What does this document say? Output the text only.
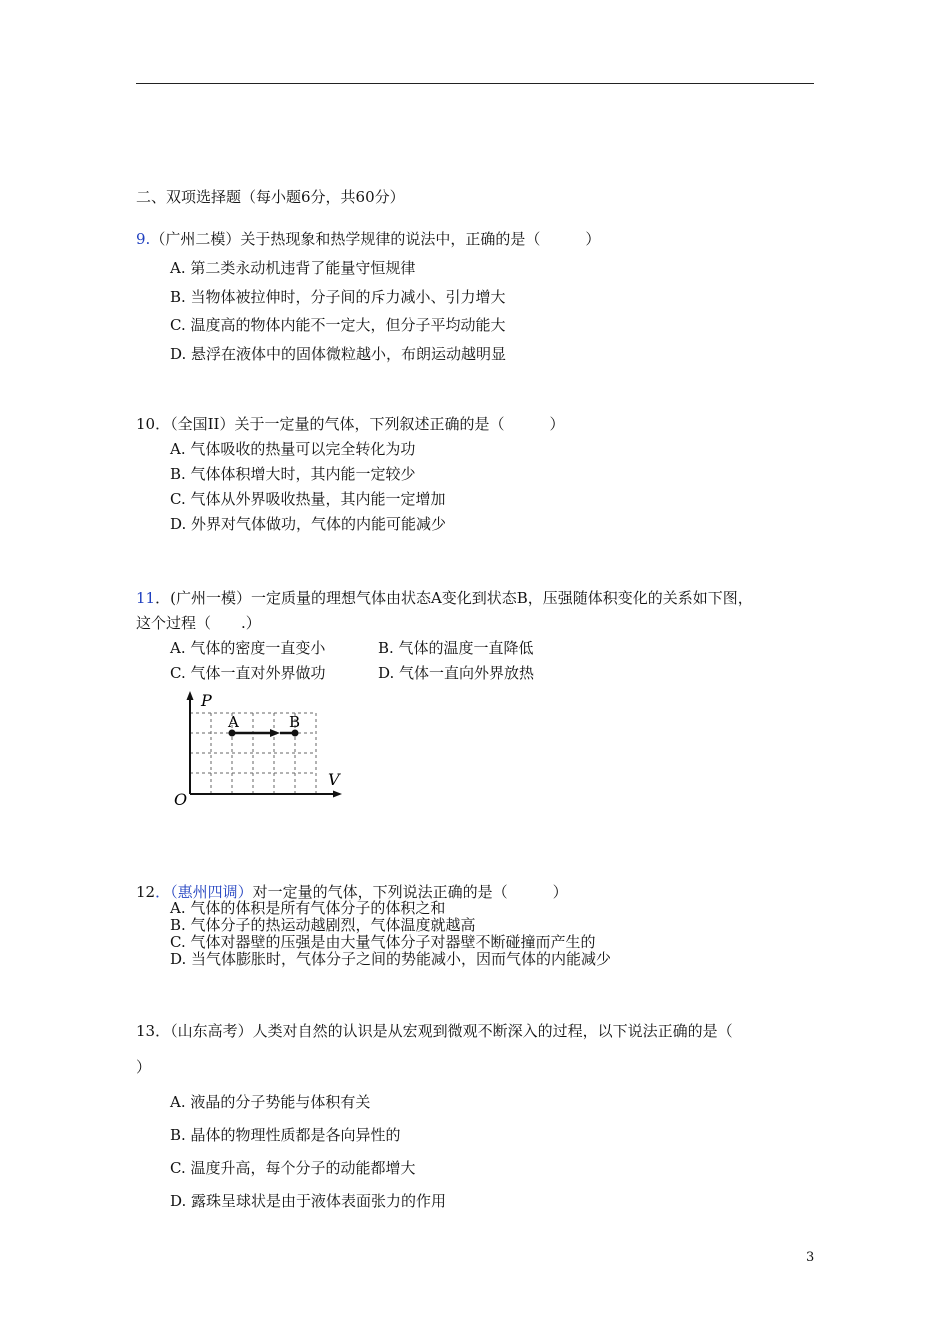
二、双项选择题（每小题6分，共60分）
9.（广州二模）关于热现象和热学规律的说法中，正确的是（　　　）
A. 第二类永动机违背了能量守恒规律
B. 当物体被拉伸时，分子间的斥力减小、引力增大
C. 温度高的物体内能不一定大，但分子平均动能大
D. 悬浮在液体中的固体微粒越小，布朗运动越明显
10．（全国II）关于一定量的气体，下列叙述正确的是（　　　）
A. 气体吸收的热量可以完全转化为功
B. 气体体积增大时，其内能一定较少
C. 气体从外界吸收热量，其内能一定增加
D. 外界对气体做功，气体的内能可能减少
11．(广州一模）一定质量的理想气体由状态A变化到状态B，压强随体积变化的关系如下图，
这个过程（　　.）
A. 气体的密度一直变小	B. 气体的温度一直降低
C. 气体一直对外界做功	D. 气体一直向外界放热
A	B
P
V
O
12．（惠州四调）对一定量的气体，下列说法正确的是（　　　）
A. 气体的体积是所有气体分子的体积之和
B. 气体分子的热运动越剧烈，气体温度就越高
C. 气体对器壁的压强是由大量气体分子对器壁不断碰撞而产生的
D. 当气体膨胀时，气体分子之间的势能减小，因而气体的内能减少
13．（山东高考）人类对自然的认识是从宏观到微观不断深入的过程，以下说法正确的是（
）
A. 液晶的分子势能与体积有关
B. 晶体的物理性质都是各向异性的
C. 温度升高，每个分子的动能都增大
D. 露珠呈球状是由于液体表面张力的作用
3
